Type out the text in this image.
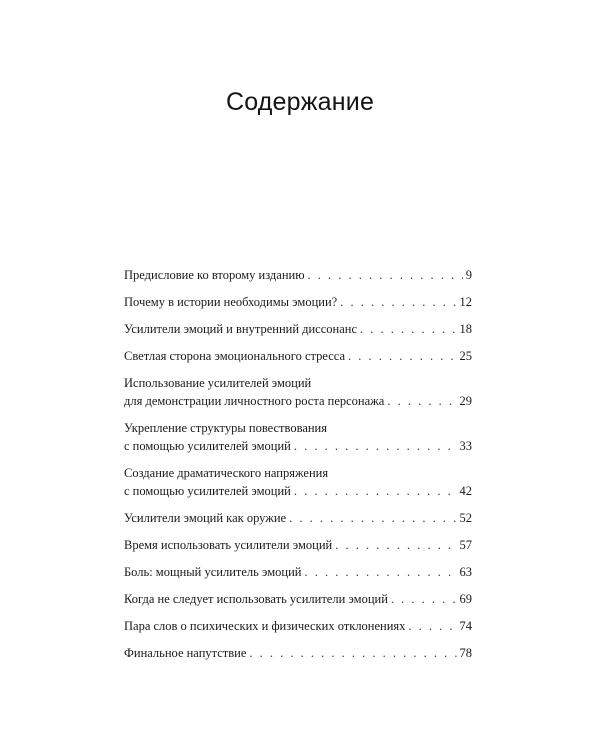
Содержание
Предисловие ко второму изданию . . .	9
Почему в истории необходимы эмоции? . . .	12
Усилители эмоций и внутренний диссонанс . . .	18
Светлая сторона эмоционального стресса . . .	25
Использование усилителей эмоций
для демонстрации личностного роста персонажа . . .	29
Укрепление структуры повествования
с помощью усилителей эмоций . . .	33
Создание драматического напряжения
с помощью усилителей эмоций . . .	42
Усилители эмоций как оружие . . .	52
Время использовать усилители эмоций . . .	57
Боль: мощный усилитель эмоций . . .	63
Когда не следует использовать усилители эмоций . . .	69
Пара слов о психических и физических отклонениях . . .	74
Финальное напутствие . . .	78
